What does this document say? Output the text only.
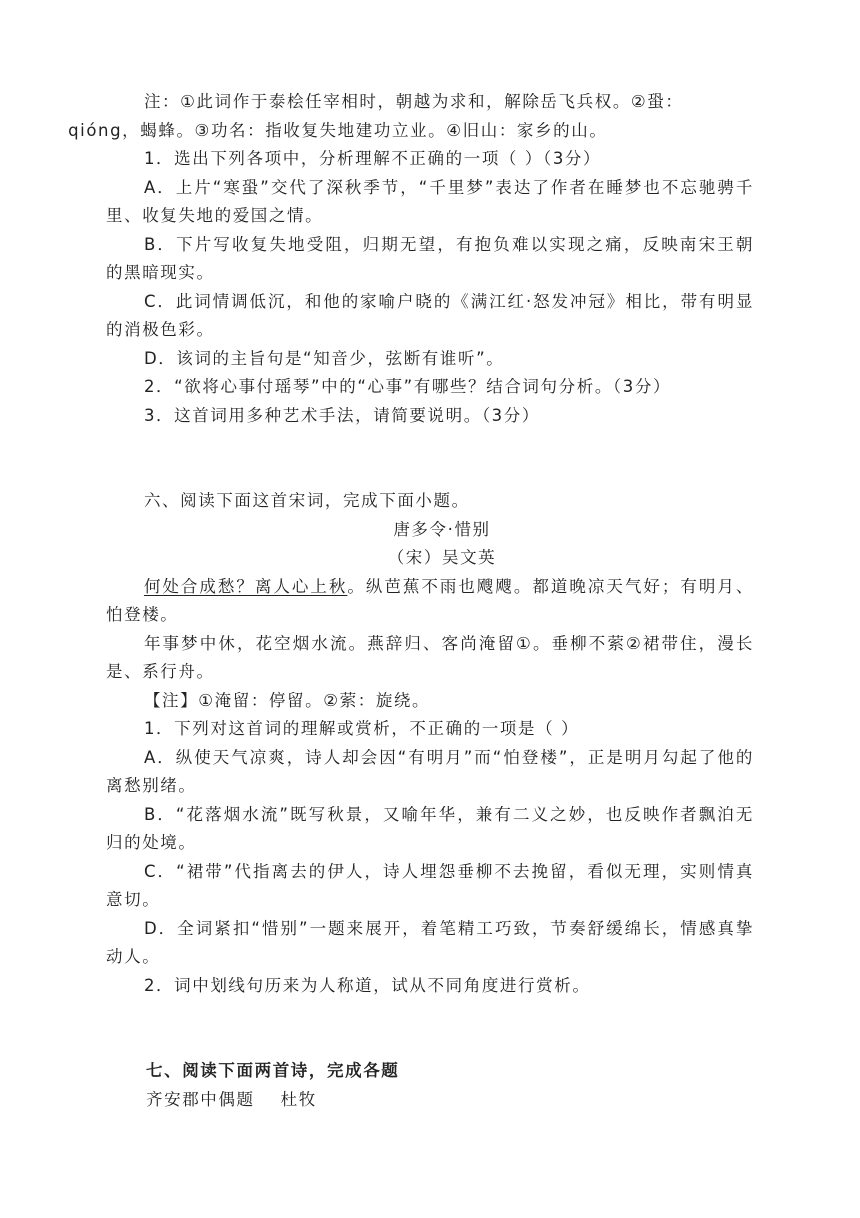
注：①此词作于泰桧任宰相时，朝越为求和，解除岳飞兵权。②蛩：
qióng，蝎蜂。③功名：指收复失地建功立业。④旧山：家乡的山。

1．选出下列各项中，分析理解不正确的一项（ ）（3分）

A．上片“寒蛩”交代了深秋季节，“千里梦”表达了作者在睡梦也不忘驰骋千里、收复失地的爱国之情。

B．下片写收复失地受阻，归期无望，有抱负难以实现之痛，反映南宋王朝的黑暗现实。

C．此词情调低沉，和他的家喻户晓的《满江红·怒发冲冠》相比，带有明显的消极色彩。

D．该词的主旨句是“知音少，弦断有谁听”。

2．“欲将心事付瑶琴”中的“心事”有哪些？结合词句分析。（3分）

3．这首词用多种艺术手法，请简要说明。（3分）

六、阅读下面这首宋词，完成下面小题。

唐多令·惜别

（宋）吴文英

何处合成愁？离人心上秋。纵芭蕉不雨也飕飕。都道晚凉天气好；有明月、怕登楼。

年事梦中休，花空烟水流。燕辞归、客尚淹留①。垂柳不萦②裙带住，漫长是、系行舟。

【注】①淹留：停留。②萦：旋绕。

1．下列对这首词的理解或赏析，不正确的一项是（ ）

A．纵使天气凉爽，诗人却会因“有明月”而“怕登楼”，正是明月勾起了他的离愁别绪。

B．“花落烟水流”既写秋景，又喻年华，兼有二义之妙，也反映作者飘泊无归的处境。

C．“裙带”代指离去的伊人，诗人埋怨垂柳不去挽留，看似无理，实则情真意切。

D．全词紧扣“惜别”一题来展开，着笔精工巧致，节奏舒缓绵长，情感真挚动人。

2．词中划线句历来为人称道，试从不同角度进行赏析。

七、阅读下面两首诗，完成各题

齐安郡中偶题 杜牧
